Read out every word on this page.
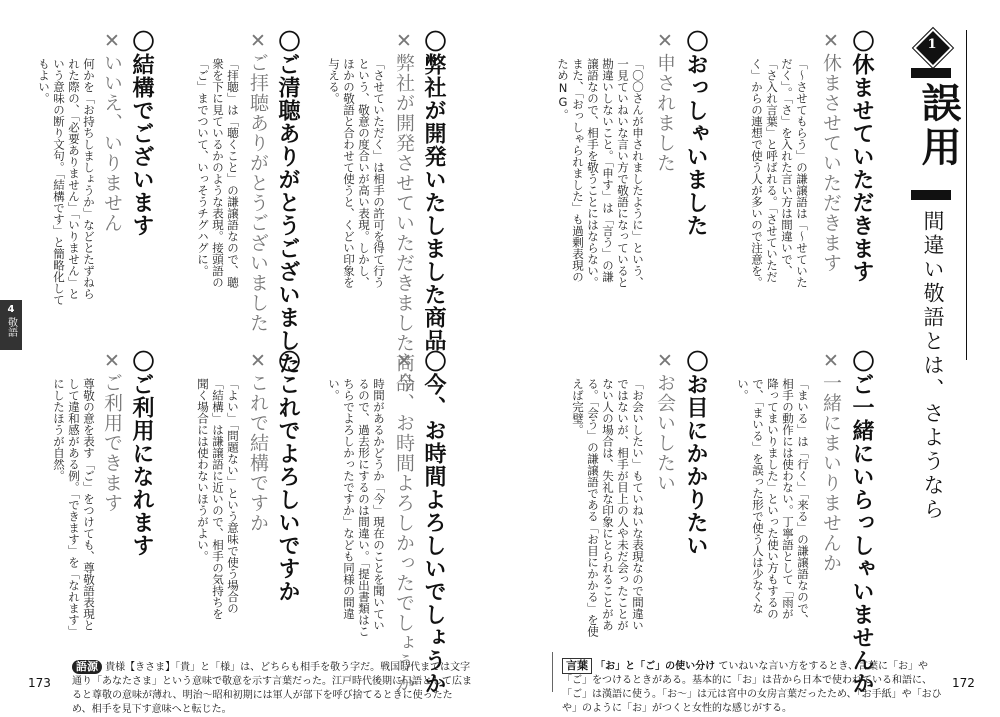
1
誤用
間違い敬語とは、さようなら
〇休ませていただきます
✕休まさせていただきます
「～させてもらう」の謙譲語は「～せていただく」。「さ」を入れた言い方は間違いで、「さ入れ言葉」と呼ばれる。「させていただく」からの連想で使う人が多いので注意を。
〇おっしゃいました
✕申されました
「〇〇さんが申されましたように」という、一見ていねいな言い方で敬語になっていると勘違いしないこと。「申す」は「言う」の謙譲語なので、相手を敬うことにはならない。また、「おっしゃられました」も過剰表現のためNG。
〇ご一緒にいらっしゃいませんか
✕一緒にまいりませんか
「まいる」は「行く」「来る」の謙譲語なので、相手の動作には使わない。丁寧語として「雨が降ってまいりました」といった使い方もするので、「まいる」を誤った形で使う人は少なくない。
〇お目にかかりたい
✕お会いしたい
「お会いしたい」もていねいな表現なので間違いではないが、相手が目上の人や未だ会ったことがない人の場合は、失礼な印象にとられることがある。「会う」の謙譲語である「お目にかかる」を使えば完璧。
言葉 「お」と「ご」の使い分け ていねいな言い方をするとき、言葉に「お」や「ご」をつけるときがある。基本的に「お」は昔から日本で使われている和語に、「ご」は漢語に使う。「お～」は元は宮中の女房言葉だったため、「お手紙」や「おひや」のように「お」がつくと女性的な感じがする。
172
4
敬語	〇弊社が開発いたしました商品
✕弊社が開発させていただきました商品
「させていただく」は相手の許可を得て行うという、敬意の度合いが高い表現。しかし、ほかの敬語と合わせて使うと、くどい印象を与える。
〇ご清聴ありがとうございました
✕ご拝聴ありがとうございました
「拝聴」は「聴くこと」の謙譲語なので、聴衆を下に見ているかのような表現。接頭語の「ご」までついて、いっそうチグハグに。
〇結構でございます
✕いいえ、いりません
何かを「お持ちしましょうか」などとたずねられた際の、「必要ありません」「いりません」という意味の断り文句。「結構です」と簡略化してもよい。
〇今、お時間よろしいでしょうか
✕今、お時間よろしかったでしょうか
時間があるかどうか「今」現在のことを聞いているので、過去形にするのは間違い。「提出書類はこちらでよろしかったですか」なども同様の間違い。
〇これでよろしいですか
✕これで結構ですか
「よい」「問題ない」という意味で使う場合の「結構」は謙譲語に近いので、相手の気持ちを聞く場合には使わないほうがよい。
〇ご利用になれます
✕ご利用できます
尊敬の意を表す「ご」をつけても、尊敬語表現として違和感がある例。「できます」を「なれます」にしたほうが自然。
語源 貴様【きさま】「貴」と「様」は、どちらも相手を敬う字だ。戦国時代までは文字通り「あなたさま」という意味で敬意を示す言葉だった。江戸時代後期に口語として広まると尊敬の意味が薄れ、明治〜昭和初期には軍人が部下を呼び捨てるときに使ったため、相手を見下す意味へと転じた。
173
